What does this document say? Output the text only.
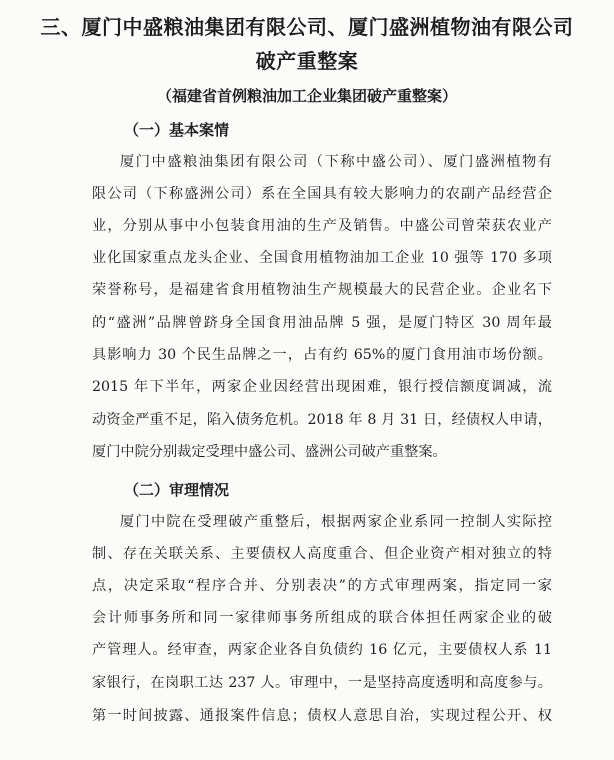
三、厦门中盛粮油集团有限公司、厦门盛洲植物油有限公司
破产重整案
（福建省首例粮油加工企业集团破产重整案）
（一）基本案情
厦门中盛粮油集团有限公司（下称中盛公司）、厦门盛洲植物有
限公司（下称盛洲公司）系在全国具有较大影响力的农副产品经营企
业，分别从事中小包装食用油的生产及销售。中盛公司曾荣获农业产
业化国家重点龙头企业、全国食用植物油加工企业 10 强等 170 多项
荣誉称号，是福建省食用植物油生产规模最大的民营企业。企业名下
的“盛洲”品牌曾跻身全国食用油品牌 5 强，是厦门特区 30 周年最
具影响力 30 个民生品牌之一，占有约 65%的厦门食用油市场份额。
2015 年下半年，两家企业因经营出现困难，银行授信额度调减，流
动资金严重不足，陷入债务危机。2018 年 8 月 31 日，经债权人申请，
厦门中院分别裁定受理中盛公司、盛洲公司破产重整案。
（二）审理情况
厦门中院在受理破产重整后，根据两家企业系同一控制人实际控
制、存在关联关系、主要债权人高度重合、但企业资产相对独立的特
点，决定采取“程序合并、分别表决”的方式审理两案，指定同一家
会计师事务所和同一家律师事务所组成的联合体担任两家企业的破
产管理人。经审查，两家企业各自负债约 16 亿元，主要债权人系 11
家银行，在岗职工达 237 人。审理中，一是坚持高度透明和高度参与。
第一时间披露、通报案件信息；债权人意思自治，实现过程公开、权
